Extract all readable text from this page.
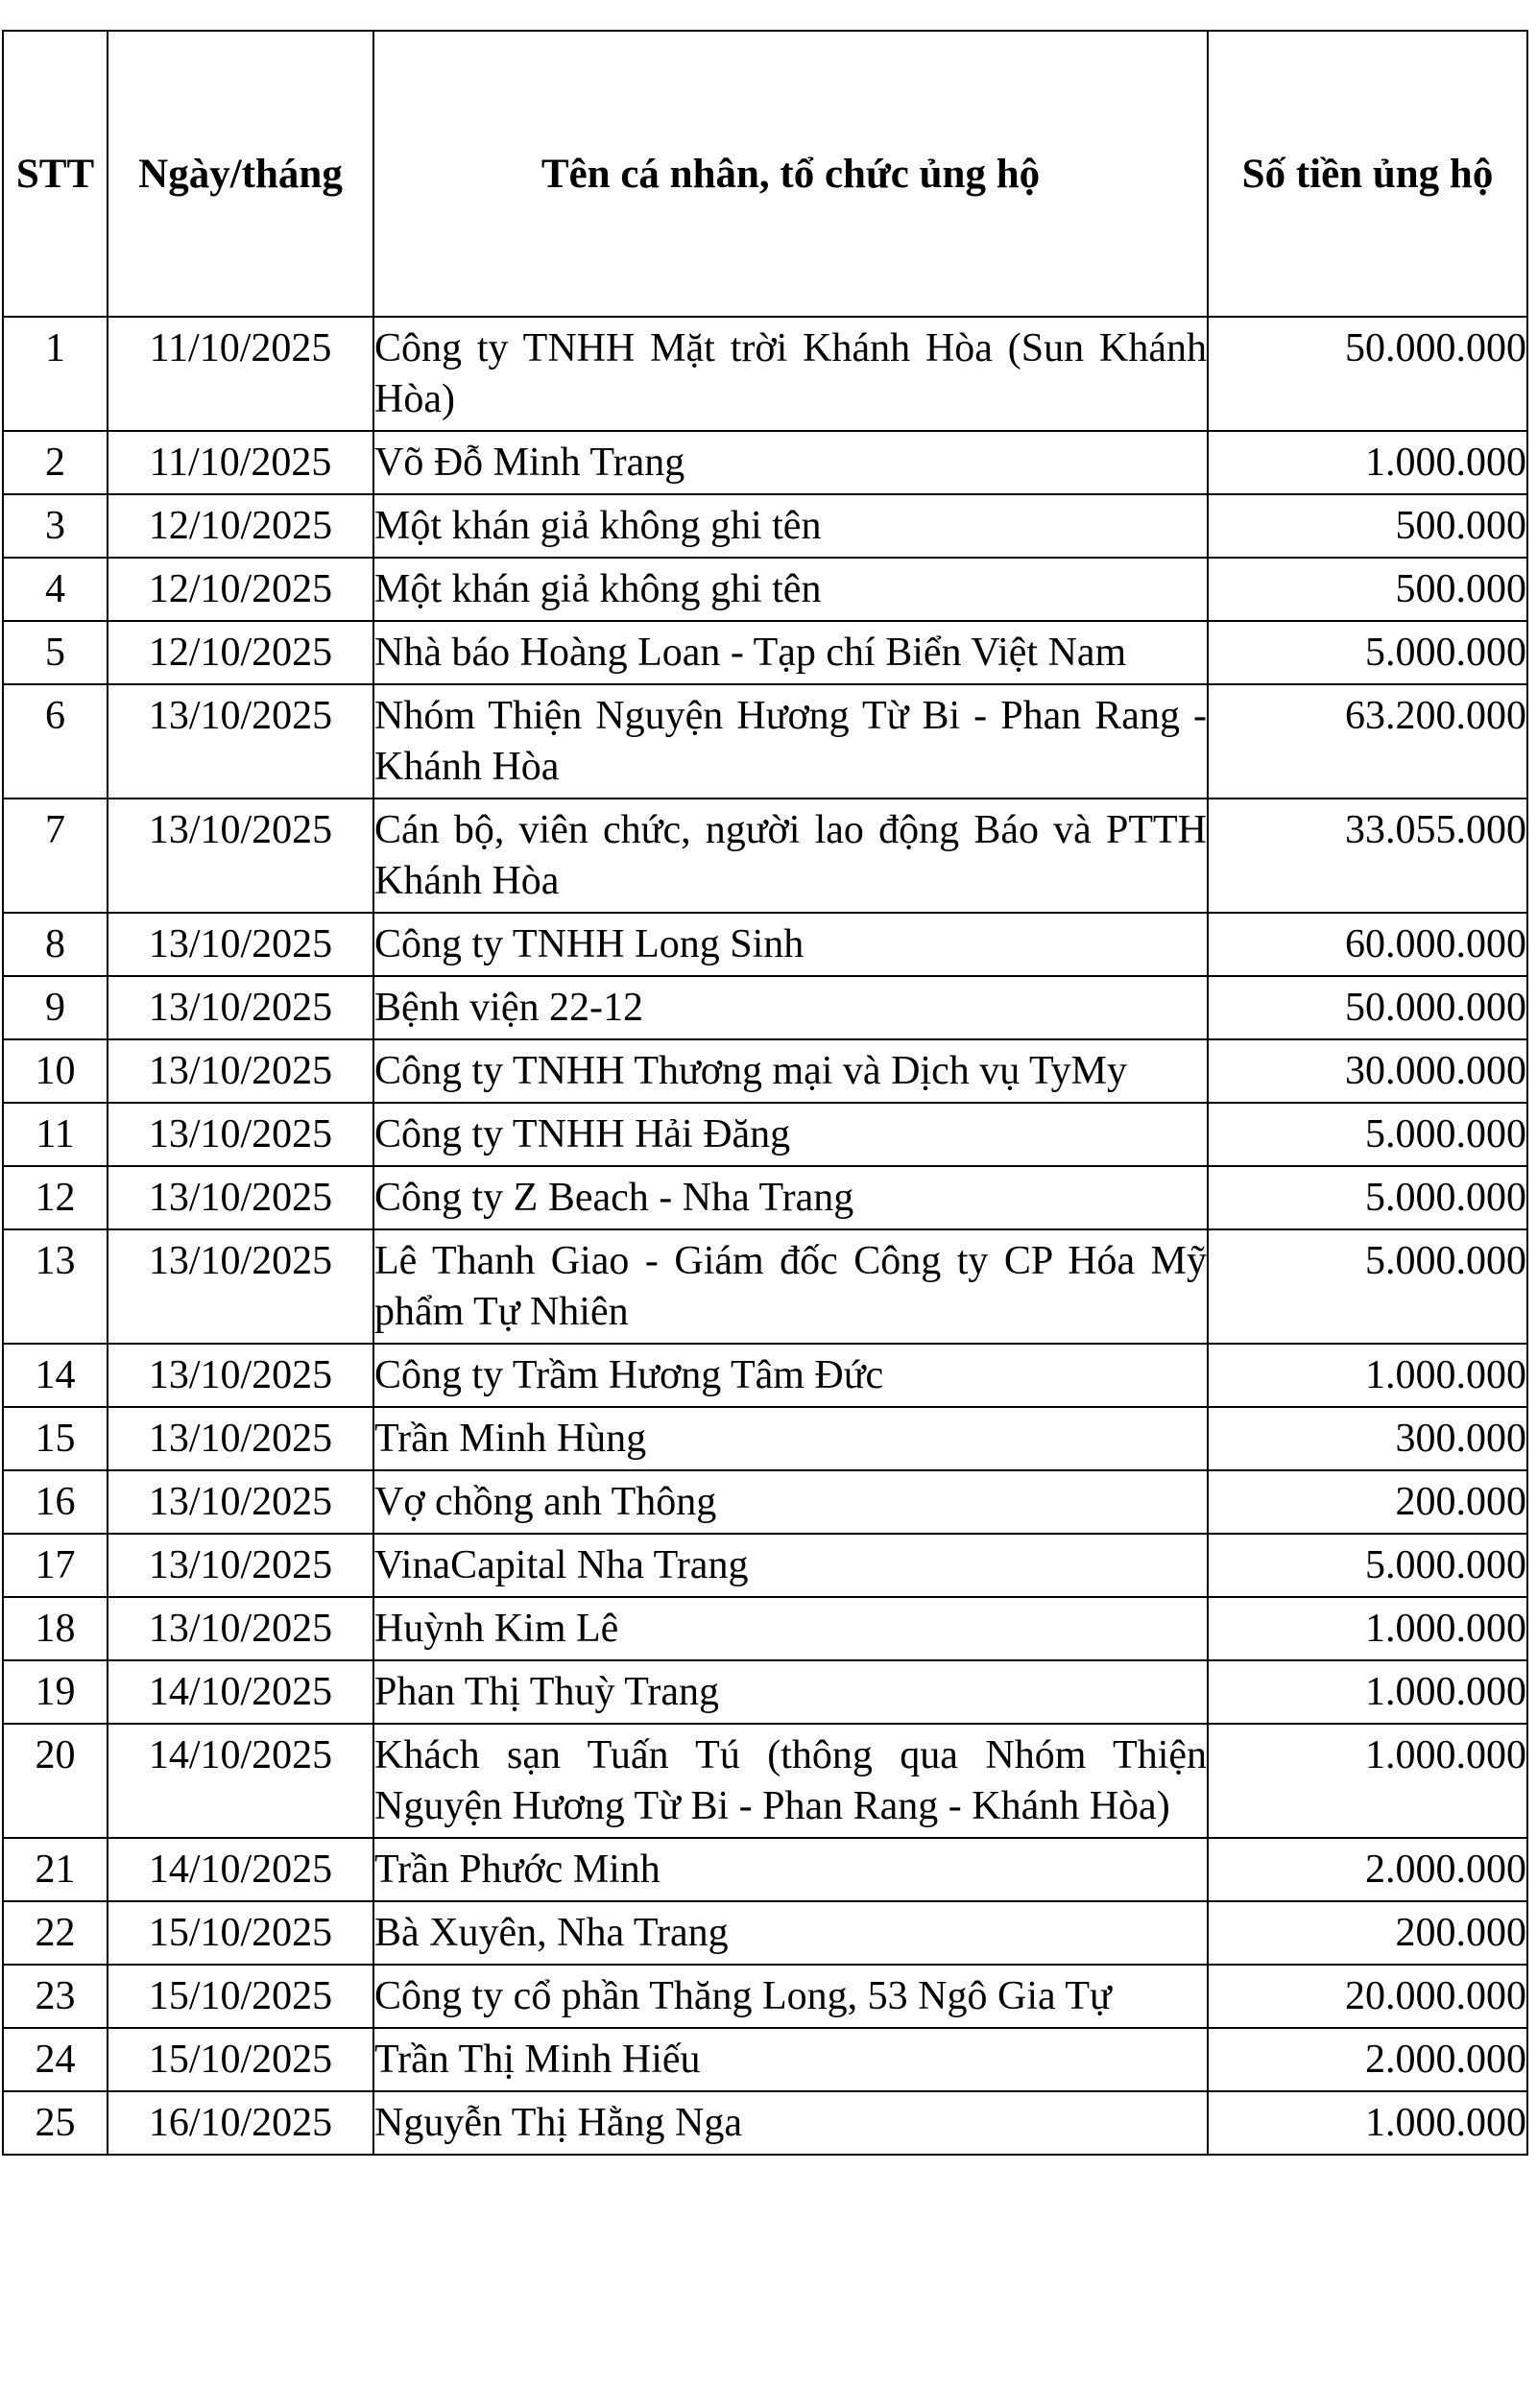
STT	Ngày/tháng	Tên cá nhân, tổ chức ủng hộ	Số tiền ủng hộ
1	11/10/2025	Công ty TNHH Mặt trời Khánh Hòa (Sun Khánh Hòa)	50.000.000
2	11/10/2025	Võ Đỗ Minh Trang	1.000.000
3	12/10/2025	Một khán giả không ghi tên	500.000
4	12/10/2025	Một khán giả không ghi tên	500.000
5	12/10/2025	Nhà báo Hoàng Loan - Tạp chí Biển Việt Nam	5.000.000
6	13/10/2025	Nhóm Thiện Nguyện Hương Từ Bi - Phan Rang - Khánh Hòa	63.200.000
7	13/10/2025	Cán bộ, viên chức, người lao động Báo và PTTH Khánh Hòa	33.055.000
8	13/10/2025	Công ty TNHH Long Sinh	60.000.000
9	13/10/2025	Bệnh viện 22-12	50.000.000
10	13/10/2025	Công ty TNHH Thương mại và Dịch vụ TyMy	30.000.000
11	13/10/2025	Công ty TNHH Hải Đăng	5.000.000
12	13/10/2025	Công ty Z Beach - Nha Trang	5.000.000
13	13/10/2025	Lê Thanh Giao - Giám đốc Công ty CP Hóa Mỹ phẩm Tự Nhiên	5.000.000
14	13/10/2025	Công ty Trầm Hương Tâm Đức	1.000.000
15	13/10/2025	Trần Minh Hùng	300.000
16	13/10/2025	Vợ chồng anh Thông	200.000
17	13/10/2025	VinaCapital Nha Trang	5.000.000
18	13/10/2025	Huỳnh Kim Lê	1.000.000
19	14/10/2025	Phan Thị Thuỳ Trang	1.000.000
20	14/10/2025	Khách sạn Tuấn Tú (thông qua Nhóm Thiện Nguyện Hương Từ Bi - Phan Rang - Khánh Hòa)	1.000.000
21	14/10/2025	Trần Phước Minh	2.000.000
22	15/10/2025	Bà Xuyên, Nha Trang	200.000
23	15/10/2025	Công ty cổ phần Thăng Long, 53 Ngô Gia Tự	20.000.000
24	15/10/2025	Trần Thị Minh Hiếu	2.000.000
25	16/10/2025	Nguyễn Thị Hằng Nga	1.000.000
